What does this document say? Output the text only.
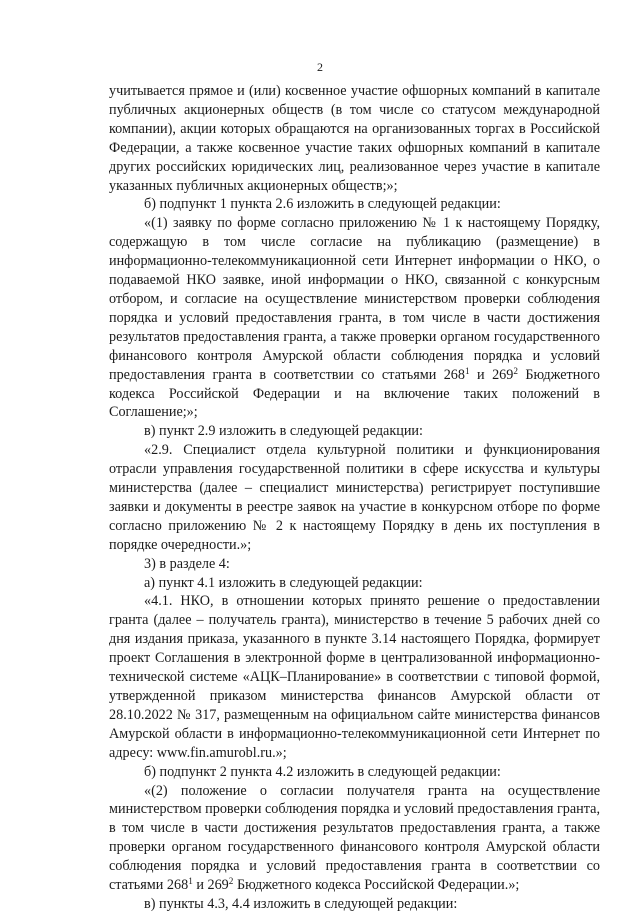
2

учитывается прямое и (или) косвенное участие офшорных компаний в капитале публичных акционерных обществ (в том числе со статусом международной компании), акции которых обращаются на организованных торгах в Российской Федерации, а также косвенное участие таких офшорных компаний в капитале других российских юридических лиц, реализованное через участие в капитале указанных публичных акционерных обществ;»;

б) подпункт 1 пункта 2.6 изложить в следующей редакции:

«(1) заявку по форме согласно приложению № 1 к настоящему Порядку, содержащую в том числе согласие на публикацию (размещение) в информационно-телекоммуникационной сети Интернет информации о НКО, о подаваемой НКО заявке, иной информации о НКО, связанной с конкурсным отбором, и согласие на осуществление министерством проверки соблюдения порядка и условий предоставления гранта, в том числе в части достижения результатов предоставления гранта, а также проверки органом государственного финансового контроля Амурской области соблюдения порядка и условий предоставления гранта в соответствии со статьями $268^1$ и $269^2$ Бюджетного кодекса Российской Федерации и на включение таких положений в Соглашение;»;

в) пункт 2.9 изложить в следующей редакции:

«2.9. Специалист отдела культурной политики и функционирования отрасли управления государственной политики в сфере искусства и культуры министерства (далее – специалист министерства) регистрирует поступившие заявки и документы в реестре заявок на участие в конкурсном отборе по форме согласно приложению № 2 к настоящему Порядку в день их поступления в порядке очередности.»;

3) в разделе 4:

а) пункт 4.1 изложить в следующей редакции:

«4.1. НКО, в отношении которых принято решение о предоставлении гранта (далее – получатель гранта), министерство в течение 5 рабочих дней со дня издания приказа, указанного в пункте 3.14 настоящего Порядка, формирует проект Соглашения в электронной форме в централизованной информационно-технической системе «АЦК–Планирование» в соответствии с типовой формой, утвержденной приказом министерства финансов Амурской области от 28.10.2022 № 317, размещенным на официальном сайте министерства финансов Амурской области в информационно-телекоммуникационной сети Интернет по адресу: www.fin.amurobl.ru.»;

б) подпункт 2 пункта 4.2 изложить в следующей редакции:

«(2) положение о согласии получателя гранта на осуществление министерством проверки соблюдения порядка и условий предоставления гранта, в том числе в части достижения результатов предоставления гранта, а также проверки органом государственного финансового контроля Амурской области соблюдения порядка и условий предоставления гранта в соответствии со статьями $268^1$ и $269^2$ Бюджетного кодекса Российской Федерации.»;

в) пункты 4.3, 4.4 изложить в следующей редакции:
